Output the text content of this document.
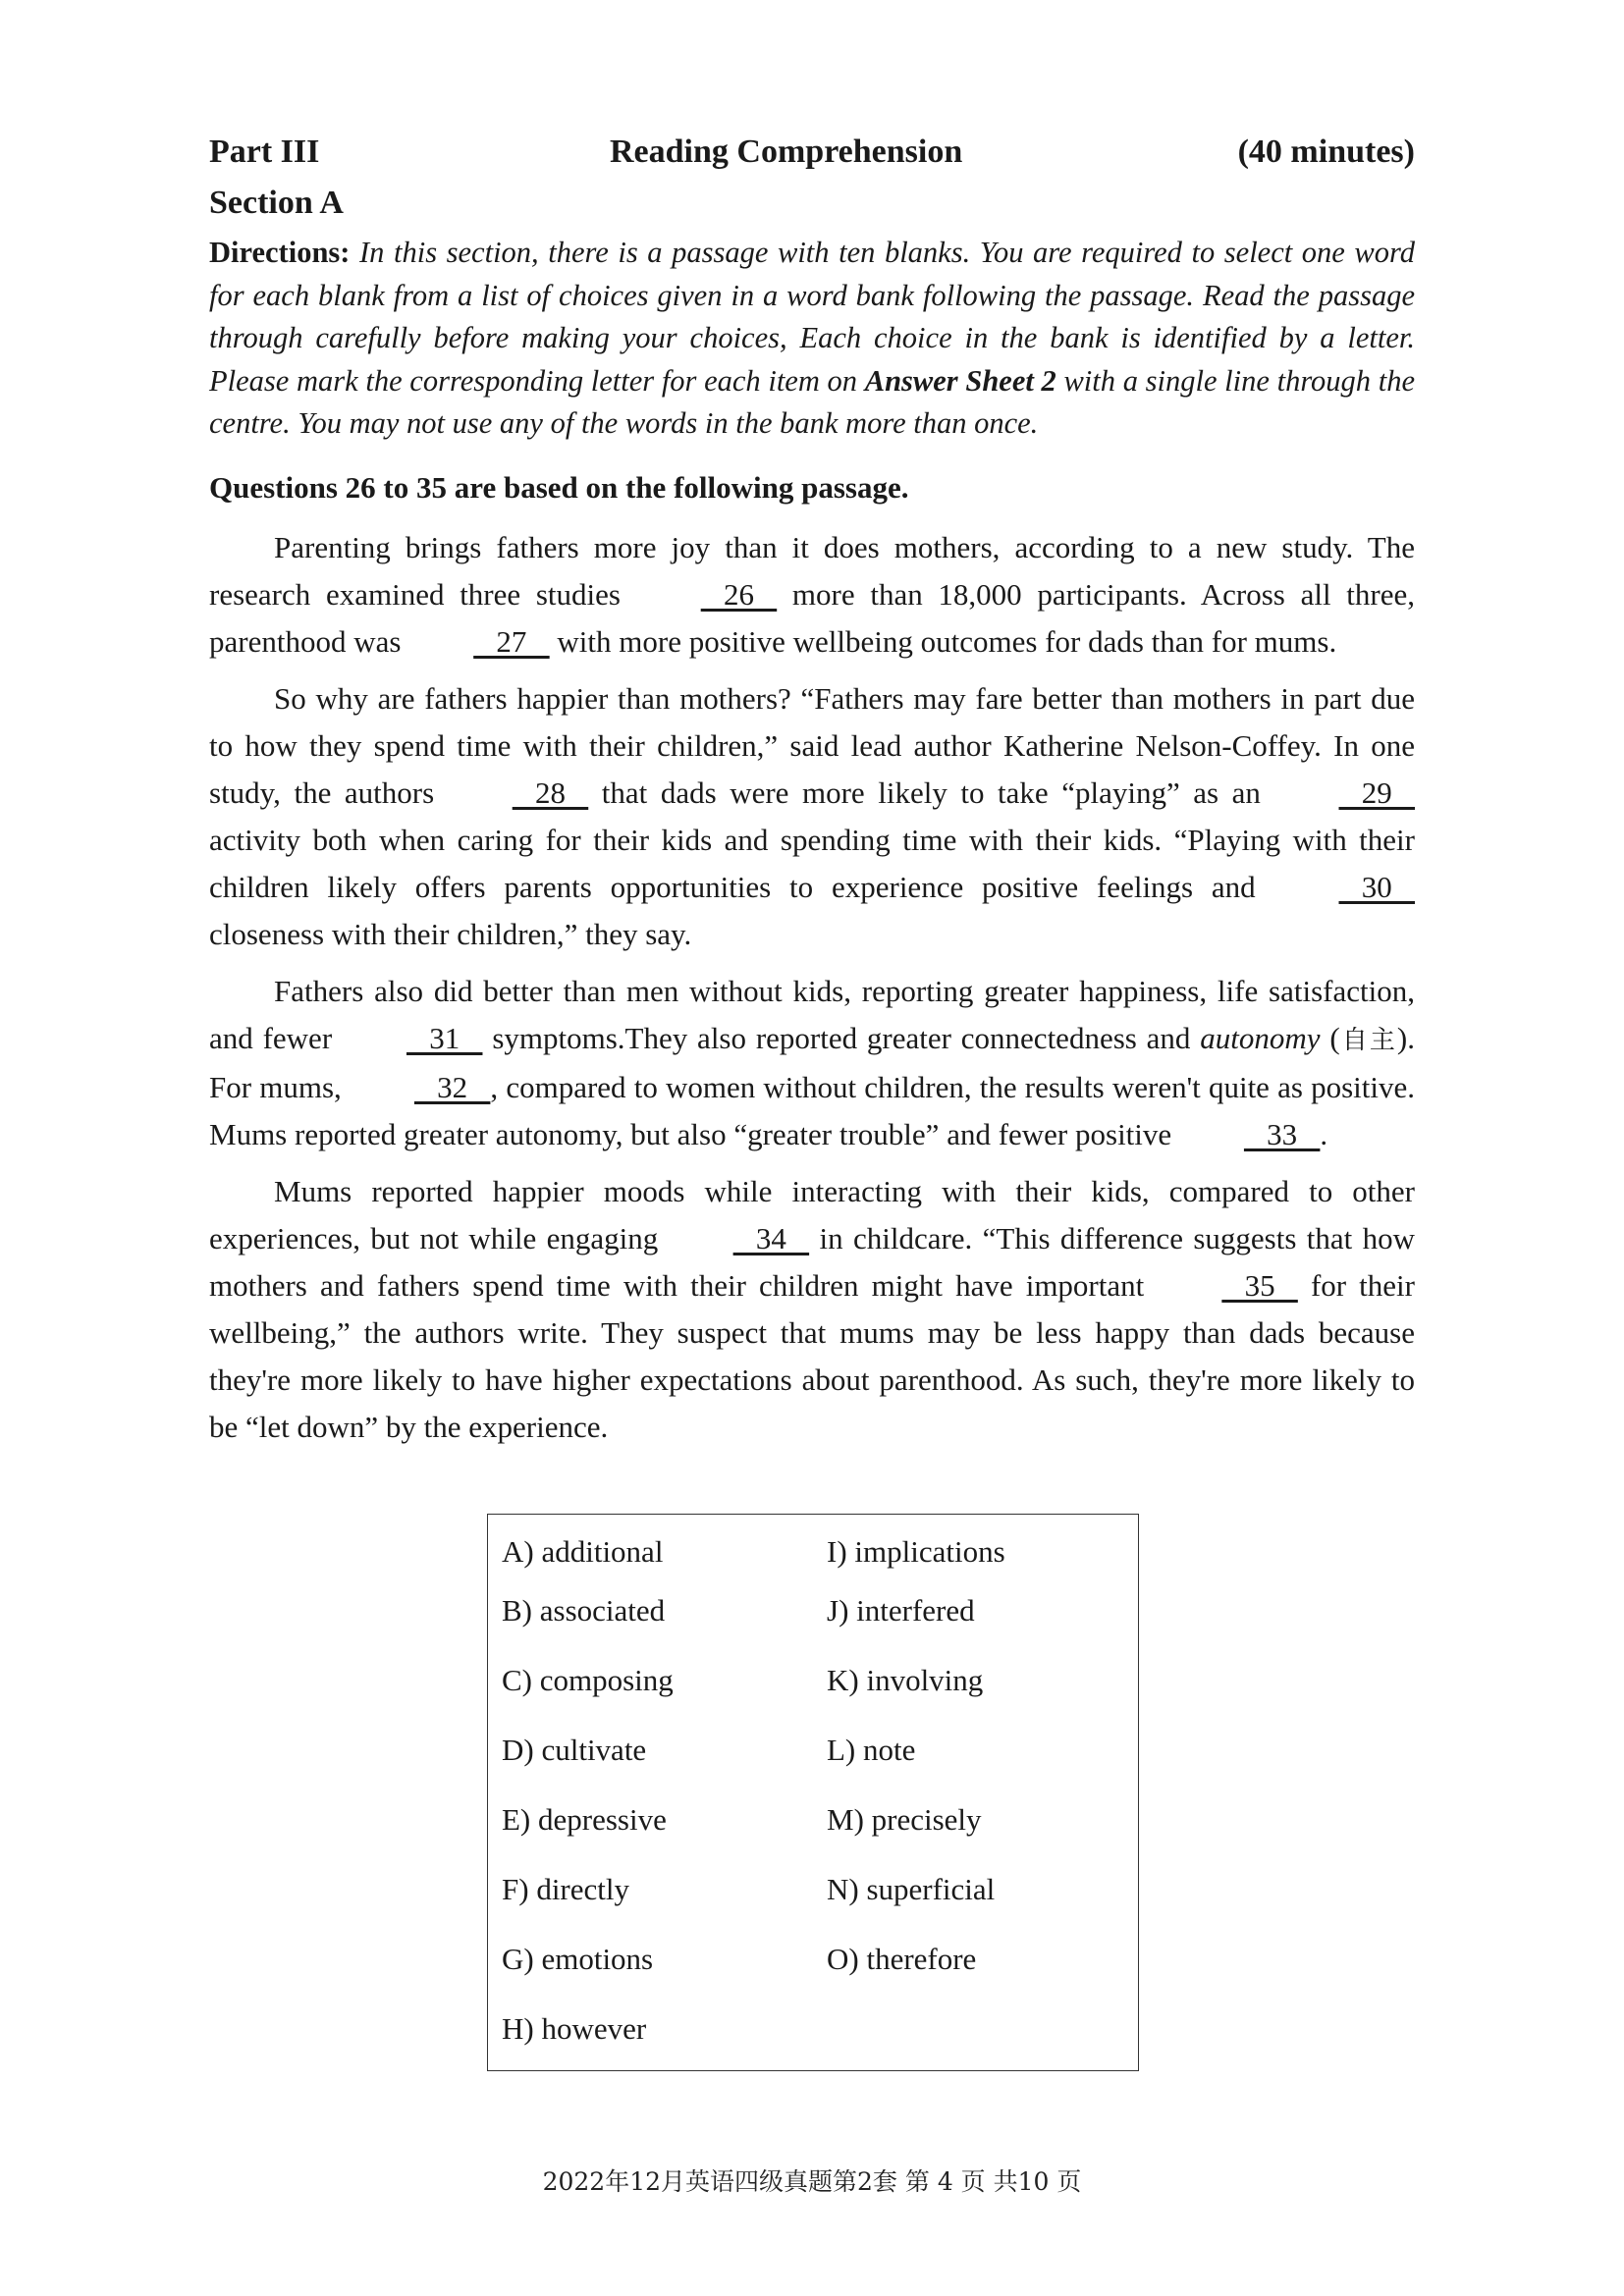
Part III	Reading Comprehension	(40 minutes)
Section A
Directions: In this section, there is a passage with ten blanks. You are required to select one word for each blank from a list of choices given in a word bank following the passage. Read the passage through carefully before making your choices, Each choice in the bank is identified by a letter. Please mark the corresponding letter for each item on Answer Sheet 2 with a single line through the centre. You may not use any of the words in the bank more than once.
Questions 26 to 35 are based on the following passage.

Parenting brings fathers more joy than it does mothers, according to a new study. The research examined three studies    26    more than 18,000 participants. Across all three, parenthood was    27    with more positive wellbeing outcomes for dads than for mums.

So why are fathers happier than mothers? “Fathers may fare better than mothers in part due to how they spend time with their children,” said lead author Katherine Nelson-Coffey. In one study, the authors    28    that dads were more likely to take “playing” as an    29    activity both when caring for their kids and spending time with their kids. “Playing with their children likely offers parents opportunities to experience positive feelings and    30    closeness with their children,” they say.

Fathers also did better than men without kids, reporting greater happiness, life satisfaction, and fewer    31    symptoms.They also reported greater connectedness and autonomy (自主). For mums,    32   , compared to women without children, the results weren't quite as positive. Mums reported greater autonomy, but also “greater trouble” and fewer positive    33   .

Mums reported happier moods while interacting with their kids, compared to other experiences, but not while engaging    34    in childcare. “This difference suggests that how mothers and fathers spend time with their children might have important    35    for their wellbeing,” the authors write. They suspect that mums may be less happy than dads because they're more likely to have higher expectations about parenthood. As such, they're more likely to be “let down” by the experience.

A) additional
B) associated
C) composing
D) cultivate
E) depressive
F) directly
G) emotions
H) however
I) implications
J) interfered
K) involving
L) note
M) precisely
N) superficial
O) therefore
2022年12月英语四级真题第2套 第 4 页 共10 页
